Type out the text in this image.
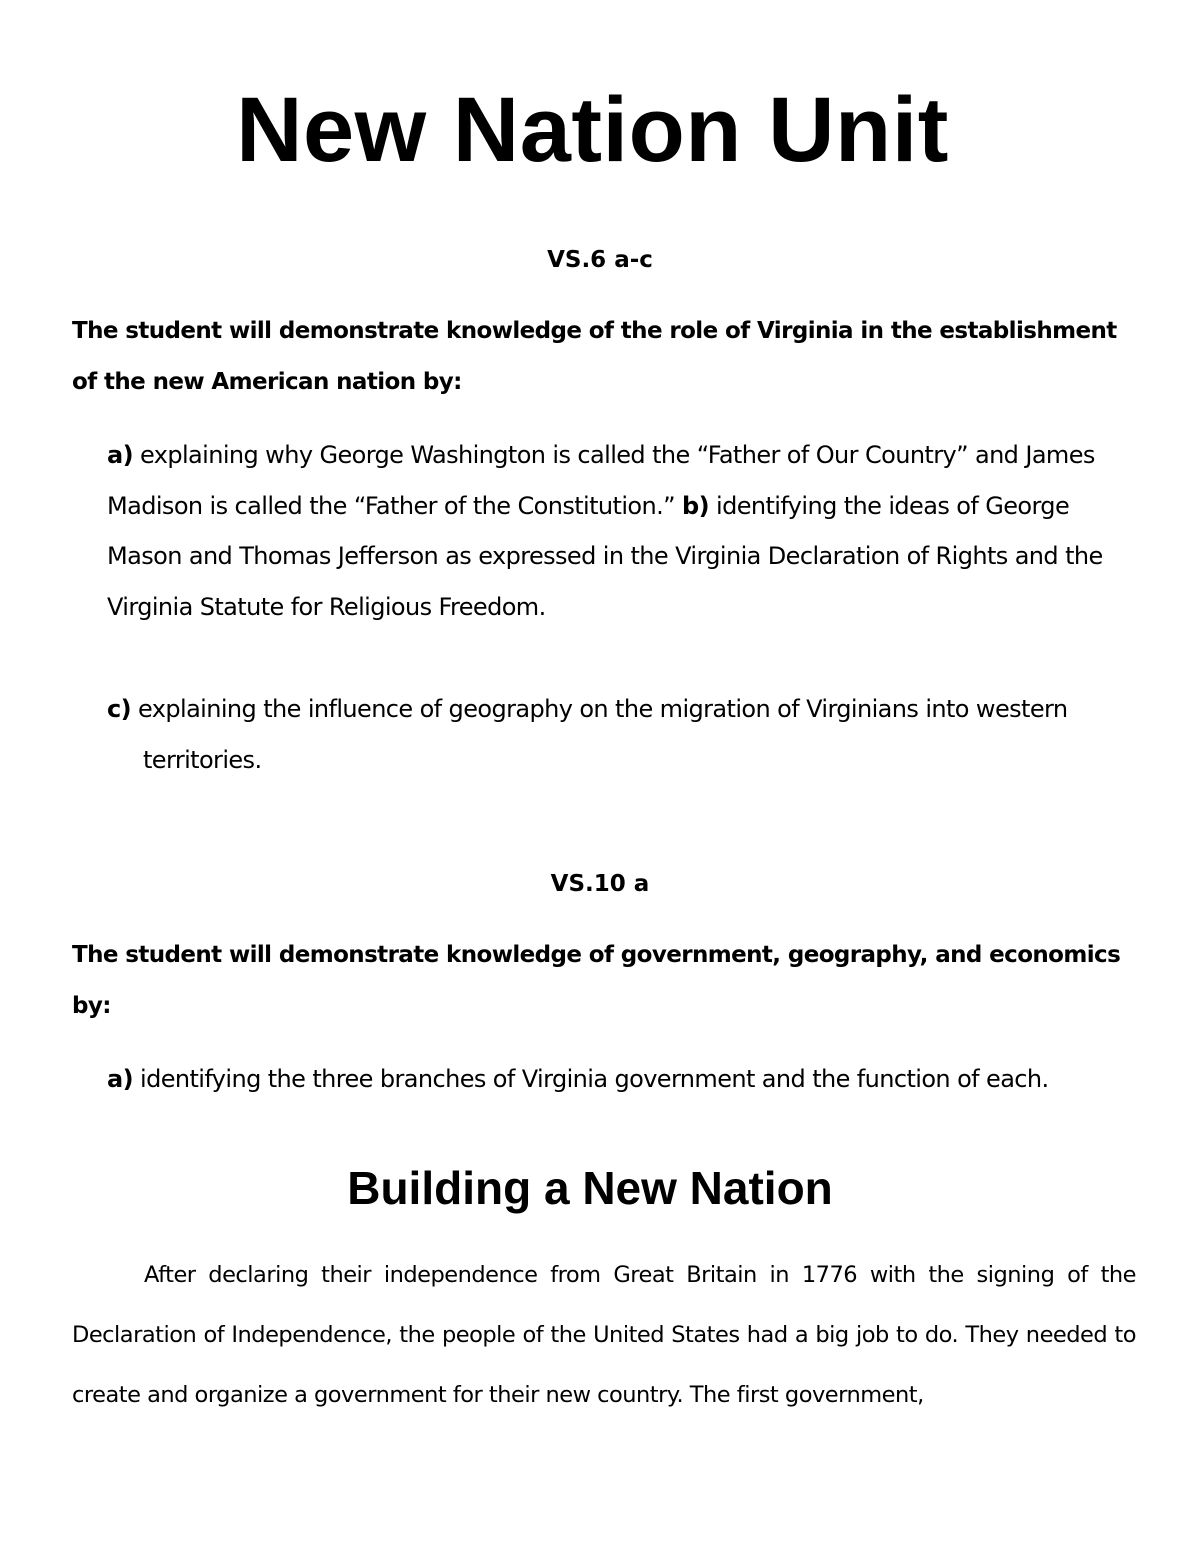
New Nation Unit

VS.6 a-c

The student will demonstrate knowledge of the role of Virginia in the establishment of the new American nation by:

a) explaining why George Washington is called the “Father of Our Country” and James Madison is called the “Father of the Constitution.” b) identifying the ideas of George Mason and Thomas Jefferson as expressed in the Virginia Declaration of Rights and the Virginia Statute for Religious Freedom.

c) explaining the influence of geography on the migration of Virginians into western territories.

VS.10 a

The student will demonstrate knowledge of government, geography, and economics by:

a) identifying the three branches of Virginia government and the function of each.

Building a New Nation

After declaring their independence from Great Britain in 1776 with the signing of the Declaration of Independence, the people of the United States had a big job to do. They needed to create and organize a government for their new country. The first government,
